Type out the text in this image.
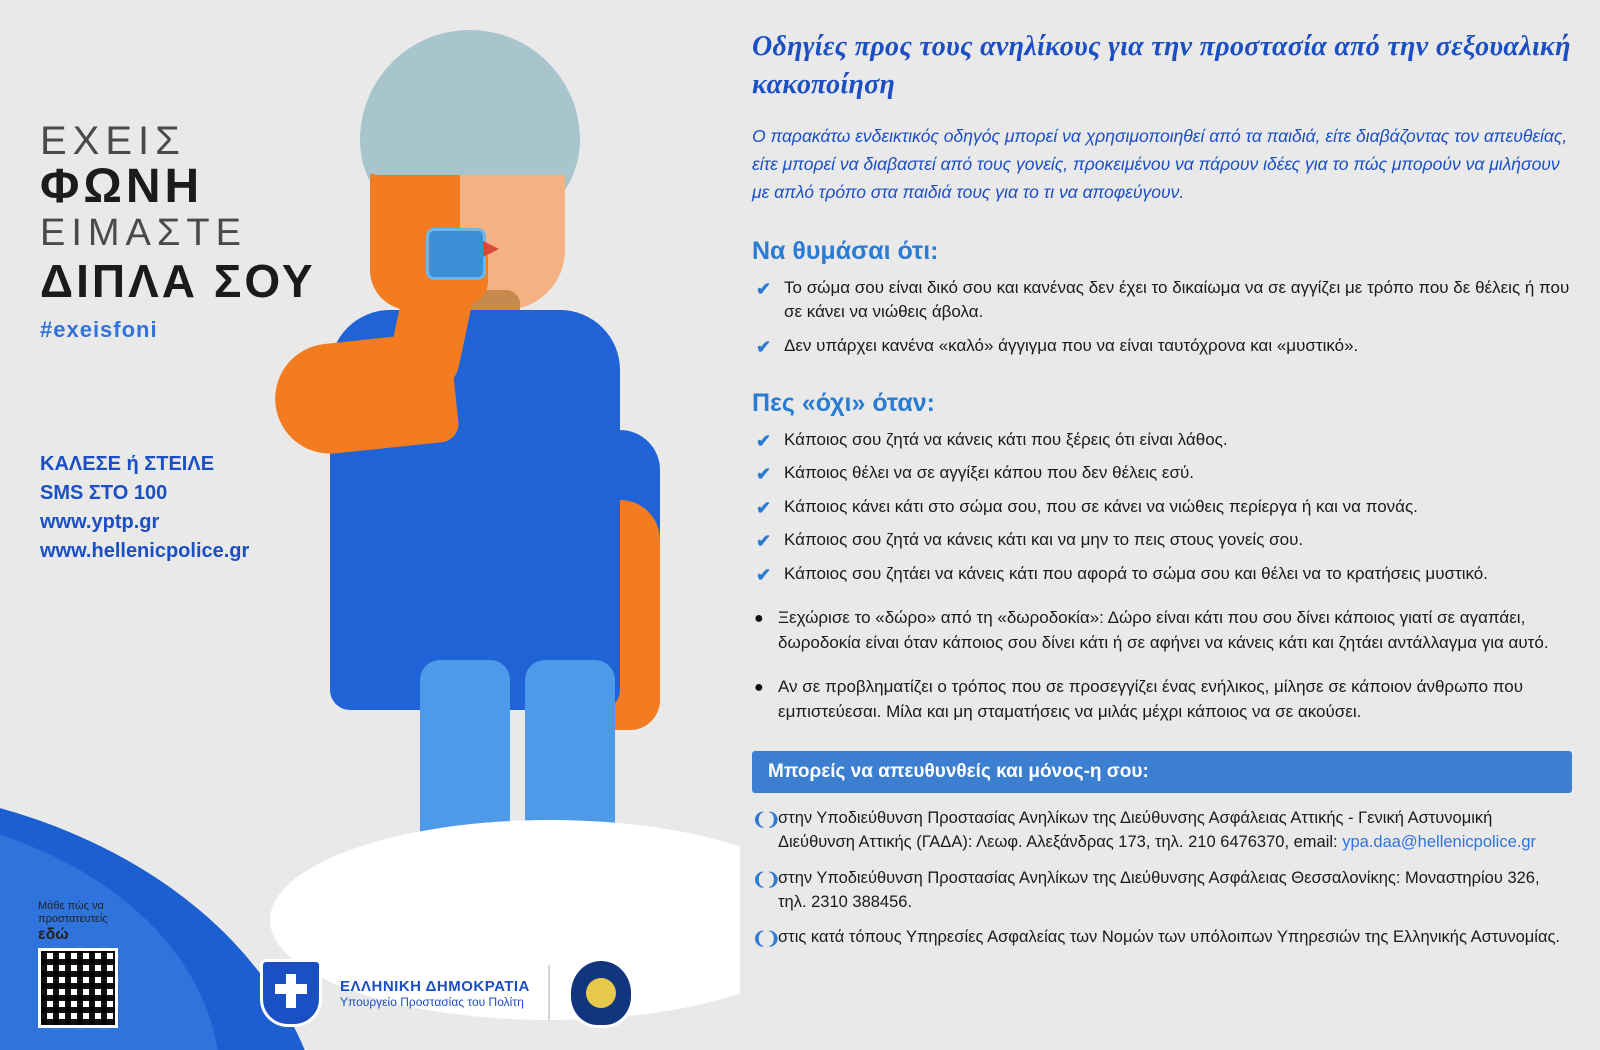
ΕΧΕΙΣ
ΦΩΝΗ
ΕΙΜΑΣΤΕ
ΔΙΠΛΑ ΣΟΥ
#exeisfoni
ΚΑΛΕΣΕ ή ΣΤΕΙΛΕ
SMS ΣΤΟ 100
www.yptp.gr
www.hellenicpolice.gr
Μάθε πώς να
προστατευτείς
εδώ
ΕΛΛΗΝΙΚΗ ΔΗΜΟΚΡΑΤΙΑ
Υπουργείο Προστασίας του Πολίτη
Οδηγίες προς τους ανηλίκους για την προστασία από την σεξουαλική κακοποίηση
Ο παρακάτω ενδεικτικός οδηγός μπορεί να χρησιμοποιηθεί από τα παιδιά, είτε διαβάζοντας τον απευθείας, είτε μπορεί να διαβαστεί από τους γονείς, προκειμένου να πάρουν ιδέες για το πώς μπορούν να μιλήσουν με απλό τρόπο στα παιδιά τους για το τι να αποφεύγουν.
Να θυμάσαι ότι:
✔ Το σώμα σου είναι δικό σου και κανένας δεν έχει το δικαίωμα να σε αγγίζει με τρόπο που δε θέλεις ή που σε κάνει να νιώθεις άβολα.
✔ Δεν υπάρχει κανένα «καλό» άγγιγμα που να είναι ταυτόχρονα και «μυστικό».
Πες «όχι» όταν:
✔ Κάποιος σου ζητά να κάνεις κάτι που ξέρεις ότι είναι λάθος.
✔ Κάποιος θέλει να σε αγγίξει κάπου που δεν θέλεις εσύ.
✔ Κάποιος κάνει κάτι στο σώμα σου, που σε κάνει να νιώθεις περίεργα ή και να πονάς.
✔ Κάποιος σου ζητά να κάνεις κάτι και να μην το πεις στους γονείς σου.
✔ Κάποιος σου ζητάει να κάνεις κάτι που αφορά το σώμα σου και θέλει να το κρατήσεις μυστικό.
● Ξεχώρισε το «δώρο» από τη «δωροδοκία»: Δώρο είναι κάτι που σου δίνει κάποιος γιατί σε αγαπάει, δωροδοκία είναι όταν κάποιος σου δίνει κάτι ή σε αφήνει να κάνεις κάτι και ζητάει αντάλλαγμα για αυτό.
● Αν σε προβληματίζει ο τρόπος που σε προσεγγίζει ένας ενήλικος, μίλησε σε κάποιον άνθρωπο που εμπιστεύεσαι. Μίλα και μη σταματήσεις να μιλάς μέχρι κάποιος να σε ακούσει.
Μπορείς να απευθυνθείς και μόνος-η σου:
❨❩
στην Υποδιεύθυνση Προστασίας Ανηλίκων της Διεύθυνσης Ασφάλειας Αττικής - Γενική Αστυνομική Διεύθυνση Αττικής (ΓΑΔΑ): Λεωφ. Αλεξάνδρας 173, τηλ. 210 6476370, email: ypa.daa@hellenicpolice.gr
❨❩
στην Υποδιεύθυνση Προστασίας Ανηλίκων της Διεύθυνσης Ασφάλειας Θεσσαλονίκης: Μοναστηρίου 326, τηλ. 2310 388456.
❨❩
στις κατά τόπους Υπηρεσίες Ασφαλείας των Νομών των υπόλοιπων Υπηρεσιών της Ελληνικής Αστυνομίας.
